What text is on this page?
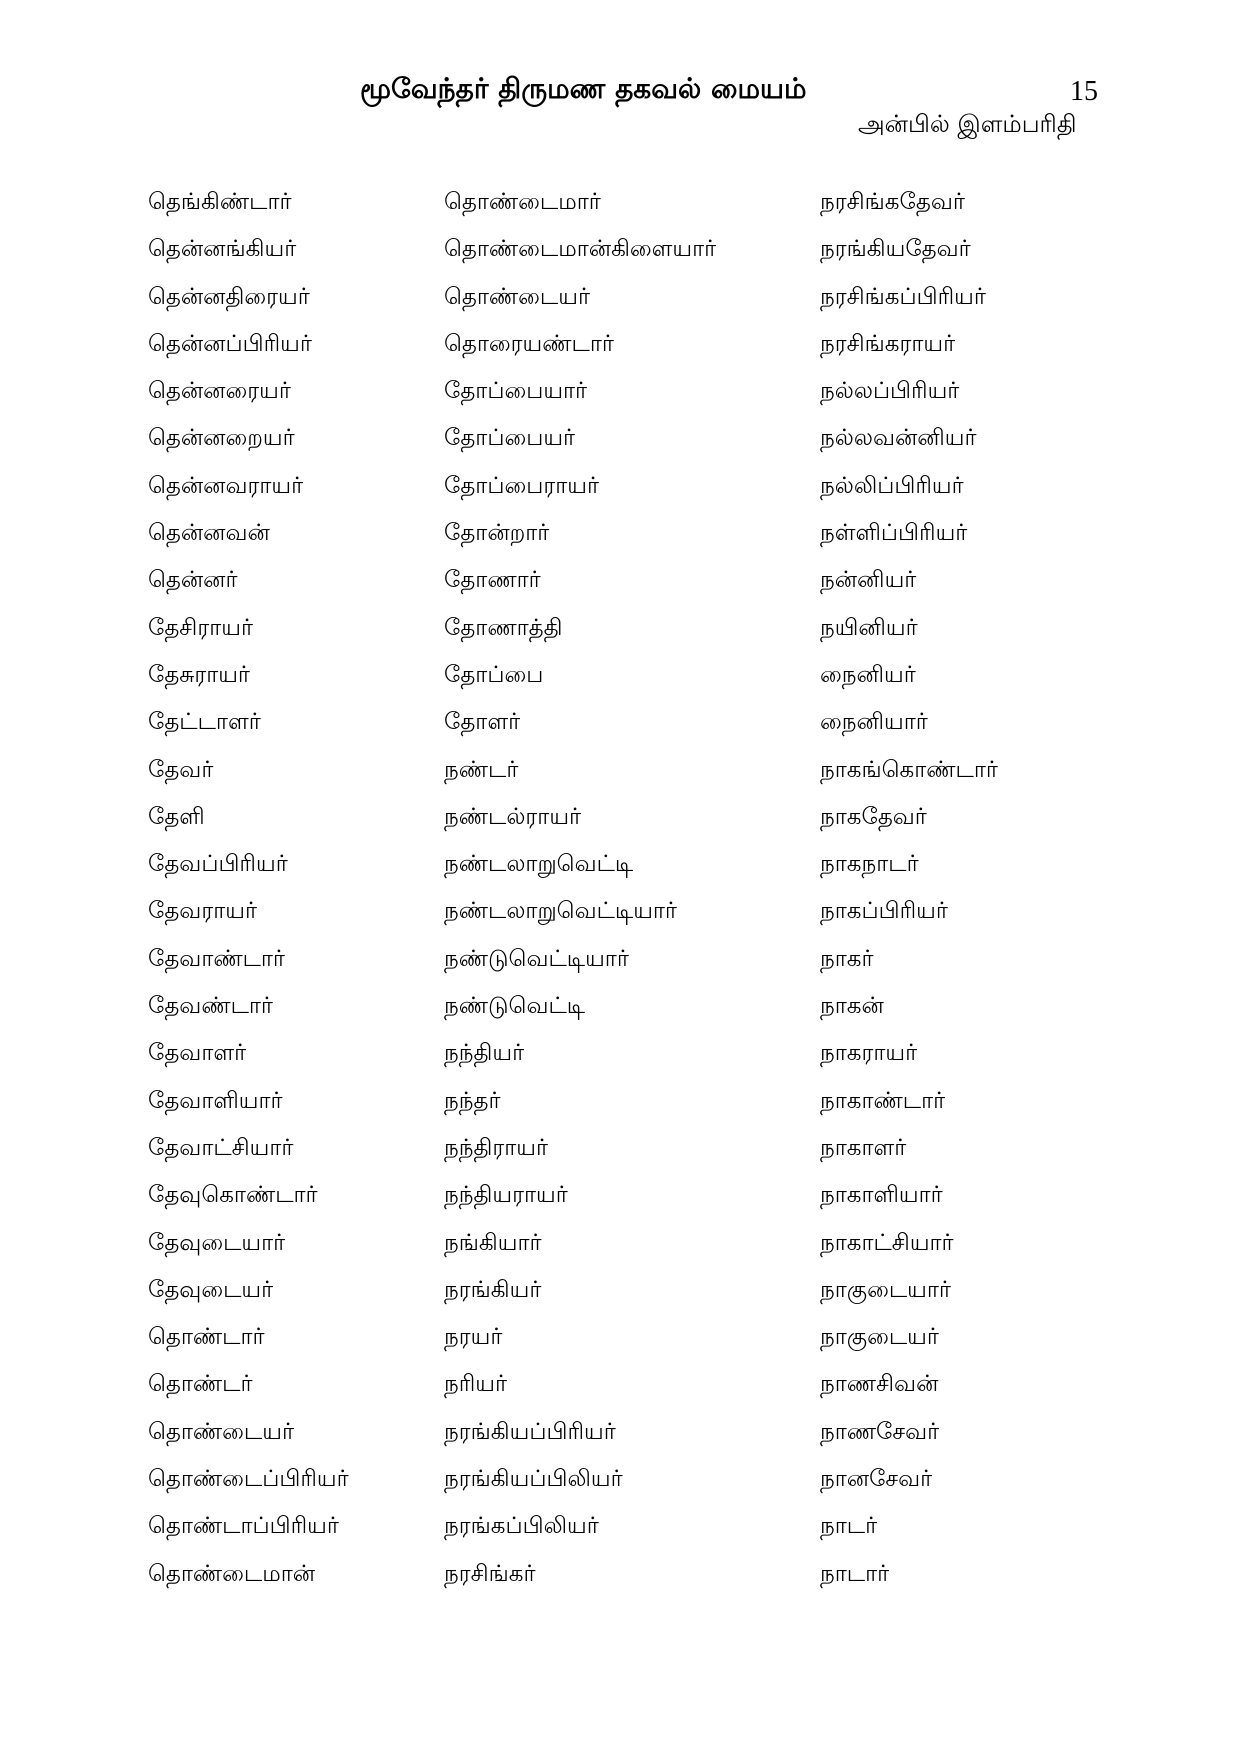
மூவேந்தர் திருமண தகவல் மையம்	15
அன்பில் இளம்பரிதி
தெங்கிண்டார்
தென்னங்கியர்
தென்னதிரையர்
தென்னப்பிரியர்
தென்னரையர்
தென்னறையர்
தென்னவராயர்
தென்னவன்
தென்னர்
தேசிராயர்
தேசுராயர்
தேட்டாளர்
தேவர்
தேளி
தேவப்பிரியர்
தேவராயர்
தேவாண்டார்
தேவண்டார்
தேவாளர்
தேவாளியார்
தேவாட்சியார்
தேவுகொண்டார்
தேவுடையார்
தேவுடையர்
தொண்டார்
தொண்டர்
தொண்டையர்
தொண்டைப்பிரியர்
தொண்டாப்பிரியர்
தொண்டைமான்
தொண்டைமார்
தொண்டைமான்கிளையார்
தொண்டையர்
தொரையண்டார்
தோப்பையார்
தோப்பையர்
தோப்பைராயர்
தோன்றார்
தோணார்
தோணாத்தி
தோப்பை
தோளர்
நண்டர்
நண்டல்ராயர்
நண்டலாறுவெட்டி
நண்டலாறுவெட்டியார்
நண்டுவெட்டியார்
நண்டுவெட்டி
நந்தியர்
நந்தர்
நந்திராயர்
நந்தியராயர்
நங்கியார்
நரங்கியர்
நரயர்
நரியர்
நரங்கியப்பிரியர்
நரங்கியப்பிலியர்
நரங்கப்பிலியர்
நரசிங்கர்
நரசிங்கதேவர்
நரங்கியதேவர்
நரசிங்கப்பிரியர்
நரசிங்கராயர்
நல்லப்பிரியர்
நல்லவன்னியர்
நல்லிப்பிரியர்
நள்ளிப்பிரியர்
நன்னியர்
நயினியர்
நைனியர்
நைனியார்
நாகங்கொண்டார்
நாகதேவர்
நாகநாடர்
நாகப்பிரியர்
நாகர்
நாகன்
நாகராயர்
நாகாண்டார்
நாகாளர்
நாகாளியார்
நாகாட்சியார்
நாகுடையார்
நாகுடையர்
நாணசிவன்
நாணசேவர்
நானசேவர்
நாடர்
நாடார்
